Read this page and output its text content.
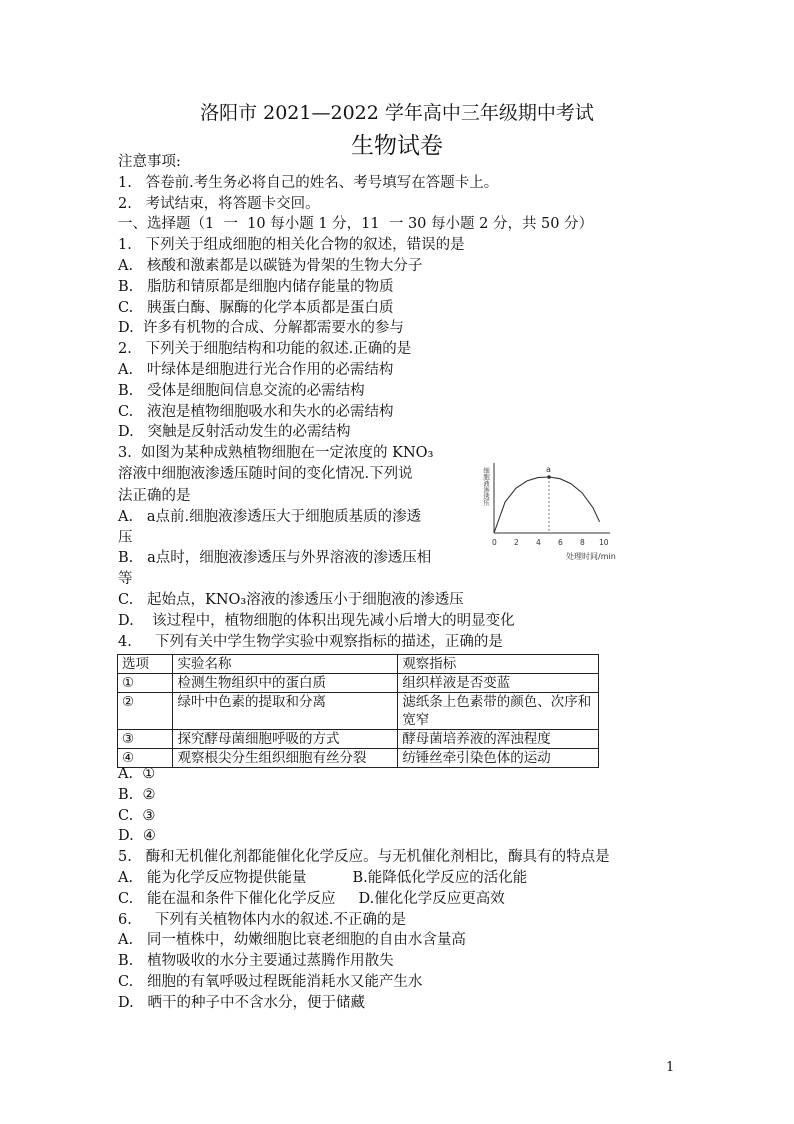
洛阳市 2021—2022 学年高中三年级期中考试
生物试卷
注意事项:
1.   答卷前.考生务必将自己的姓名、考号填写在答题卡上。
2.   考试结束，将答题卡交回。
一、选择题（1  一  10 每小题 1 分，11  一 30 每小题 2 分，共 50 分）
1.   下列关于组成细胞的相关化合物的叙述，错误的是
A.   核酸和激素都是以碳链为骨架的生物大分子
B.   脂肪和锖原都是细胞内储存能量的物质
C.   胰蛋白酶、脲酶的化学本质都是蛋白质
D.  许多有机物的合成、分解都需要水的参与
2.   下列关于细胞结构和功能的叙述.正确的是
A.   叶绿体是细胞进行光合作用的必需结构
B.   受体是细胞间信息交流的必需结构
C.   液泡是植物细胞吸水和失水的必需结构
D.   突触是反射活动发生的必需结构
3.  如图为某种成熟植物细胞在一定浓度的 KNO₃
溶液中细胞液渗透压随时间的变化情况.下列说
法正确的是
A.   a点前.细胞液渗透压大于细胞质基质的渗透
压
B.   a点时，细胞液渗透压与外界溶液的渗透压相
等
细胞液渗透压
处理时间/min
0 2 4 6 8 10
a
C.   起始点，KNO₃溶液的渗透压小于细胞液的渗透压
D.    该过程中，植物细胞的体积出现先减小后增大的明显变化
4.     下列有关中学生物学实验中观察指标的描述，正确的是
选项	实验名称	观察指标
①	检测生物组织中的蛋白质	组织样液是否变蓝
②	绿叶中色素的提取和分离	滤纸条上色素带的颜色、次序和宽窄
③	探究酵母菌细胞呼吸的方式	酵母菌培养液的浑浊程度
④	观察根尖分生组织细胞有丝分裂	纺锤丝牵引染色体的运动
A.  ①
B.  ②
C.  ③
D.  ④
5.   酶和无机催化剂都能催化化学反应。与无机催化剂相比，酶具有的特点是
A.   能为化学反应物提供能量          B.能降低化学反应的活化能
C.   能在温和条件下催化化学反应     D.催化化学反应更高效
6.     下列有关植物体内水的叙述.不正确的是
A.   同一植株中，幼嫩细胞比衰老细胞的自由水含量高
B.   植物吸收的水分主要通过蒸腾作用散失
C.   细胞的有氧呼吸过程既能消耗水又能产生水
D.   晒干的种子中不含水分，便于储藏
1
